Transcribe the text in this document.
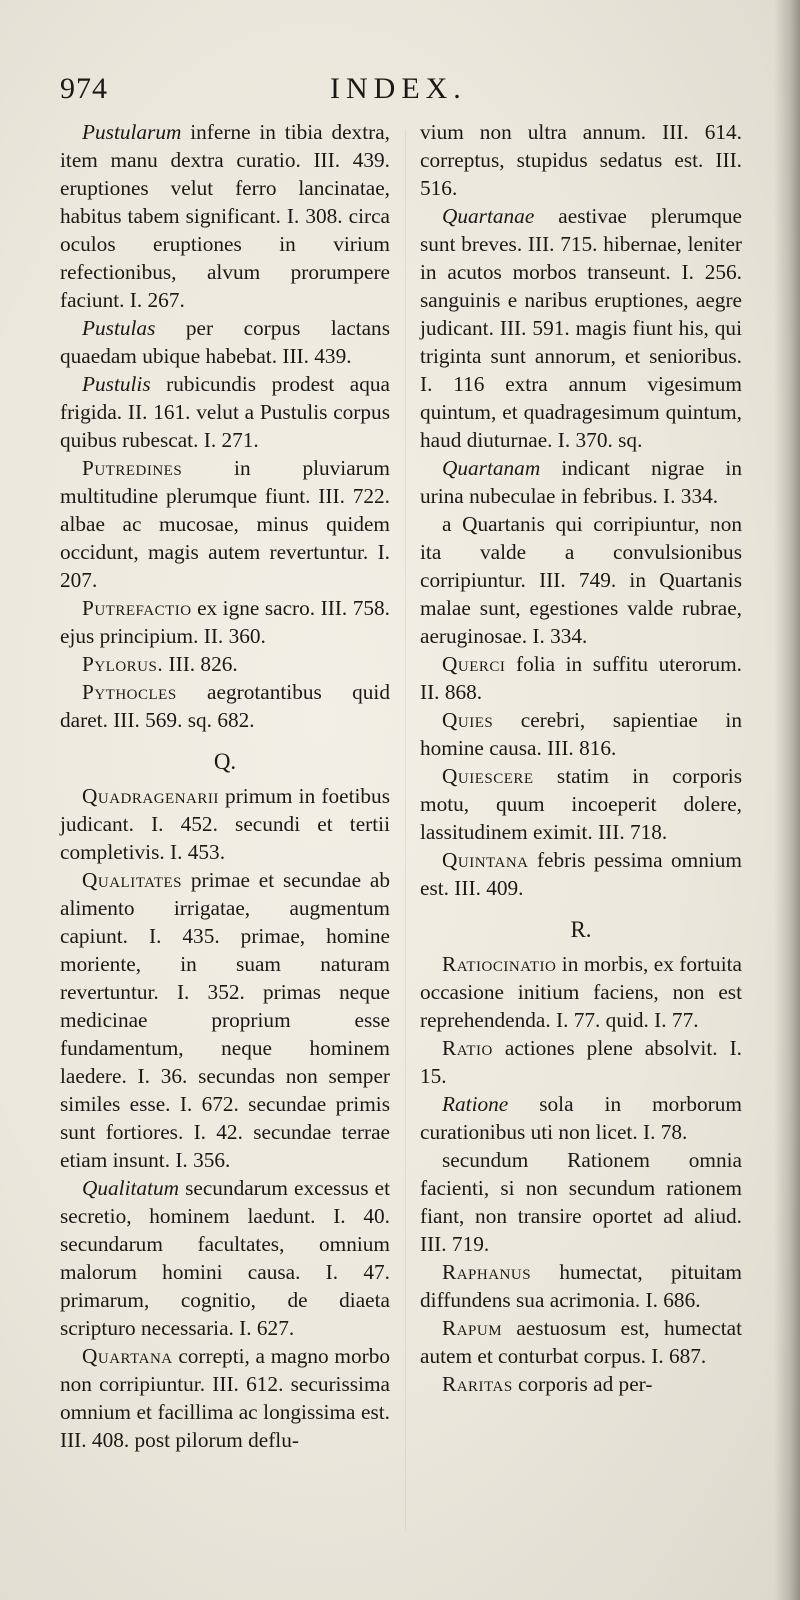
974	INDEX.

Pustularum inferne in tibia dextra, item manu dextra curatio. III. 439. eruptiones velut ferro lancinatae, habitus tabem significant. I. 308. circa oculos eruptiones in virium refectionibus, alvum prorumpere faciunt. I. 267.

Pustulas per corpus lactans quaedam ubique habebat. III. 439.

Pustulis rubicundis prodest aqua frigida. II. 161. velut a Pustulis corpus quibus rubescat. I. 271.

Putredines in pluviarum multitudine plerumque fiunt. III. 722. albae ac mucosae, minus quidem occidunt, magis autem revertuntur. I. 207.

Putrefactio ex igne sacro. III. 758. ejus principium. II. 360.

Pylorus. III. 826.

Pythocles aegrotantibus quid daret. III. 569. sq. 682.

Q.

Quadragenarii primum in foetibus judicant. I. 452. secundi et tertii completivis. I. 453.

Qualitates primae et secundae ab alimento irrigatae, augmentum capiunt. I. 435. primae, homine moriente, in suam naturam revertuntur. I. 352. primas neque medicinae proprium esse fundamentum, neque hominem laedere. I. 36. secundas non semper similes esse. I. 672. secundae primis sunt fortiores. I. 42. secundae terrae etiam insunt. I. 356.

Qualitatum secundarum excessus et secretio, hominem laedunt. I. 40. secundarum facultates, omnium malorum homini causa. I. 47. primarum, cognitio, de diaeta scripturo necessaria. I. 627.

Quartana correpti, a magno morbo non corripiuntur. III. 612. securissima omnium et facillima ac longissima est. III. 408. post pilorum deflu-

vium non ultra annum. III. 614. correptus, stupidus sedatus est. III. 516.

Quartanae aestivae plerumque sunt breves. III. 715. hibernae, leniter in acutos morbos transeunt. I. 256. sanguinis e naribus eruptiones, aegre judicant. III. 591. magis fiunt his, qui triginta sunt annorum, et senioribus. I. 116 extra annum vigesimum quintum, et quadragesimum quintum, haud diuturnae. I. 370. sq.

Quartanam indicant nigrae in urina nubeculae in febribus. I. 334.

a Quartanis qui corripiuntur, non ita valde a convulsionibus corripiuntur. III. 749. in Quartanis malae sunt, egestiones valde rubrae, aeruginosae. I. 334.

Querci folia in suffitu uterorum. II. 868.

Quies cerebri, sapientiae in homine causa. III. 816.

Quiescere statim in corporis motu, quum incoeperit dolere, lassitudinem eximit. III. 718.

Quintana febris pessima omnium est. III. 409.

R.

Ratiocinatio in morbis, ex fortuita occasione initium faciens, non est reprehendenda. I. 77. quid. I. 77.

Ratio actiones plene absolvit. I. 15.

Ratione sola in morborum curationibus uti non licet. I. 78.

secundum Rationem omnia facienti, si non secundum rationem fiant, non transire oportet ad aliud. III. 719.

Raphanus humectat, pituitam diffundens sua acrimonia. I. 686.

Rapum aestuosum est, humectat autem et conturbat corpus. I. 687.

Raritas corporis ad per-
